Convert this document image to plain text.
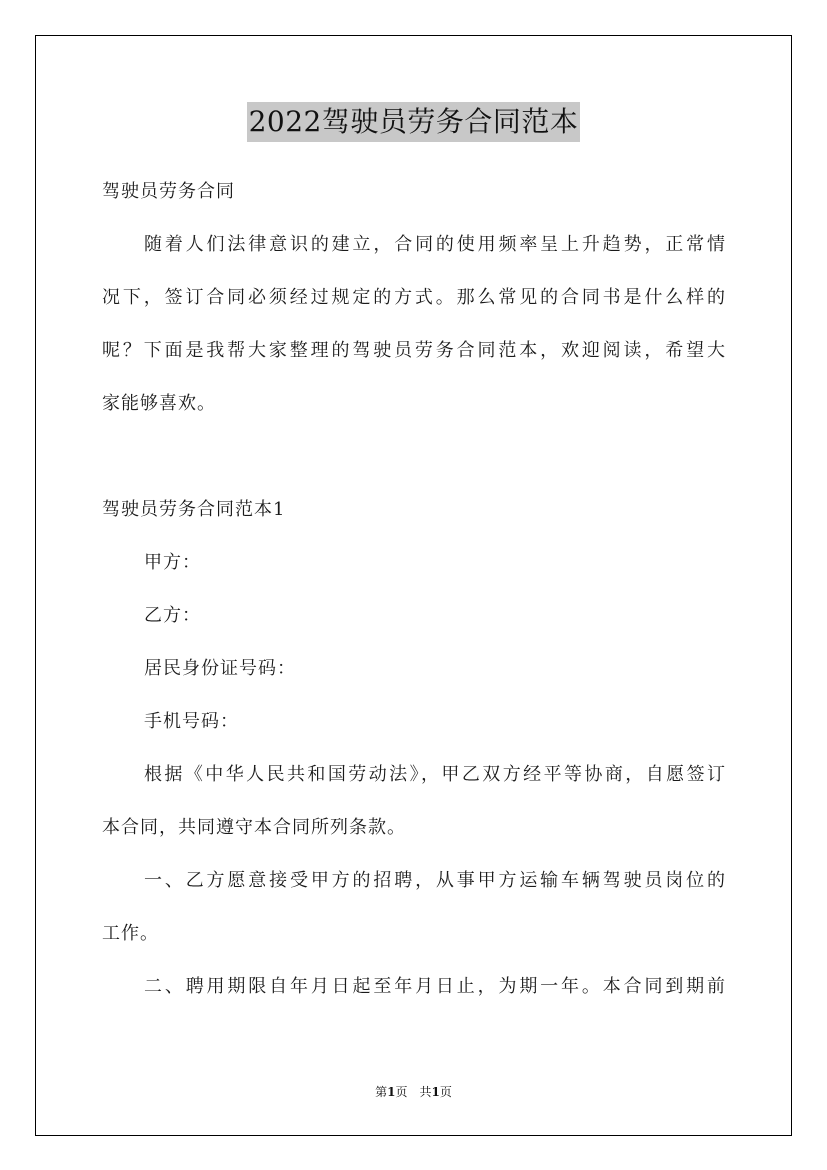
2022驾驶员劳务合同范本
驾驶员劳务合同
随着人们法律意识的建立，合同的使用频率呈上升趋势，正常情
况下，签订合同必须经过规定的方式。那么常见的合同书是什么样的
呢？下面是我帮大家整理的驾驶员劳务合同范本，欢迎阅读，希望大
家能够喜欢。
驾驶员劳务合同范本1
甲方：
乙方：
居民身份证号码：
手机号码：
根据《中华人民共和国劳动法》，甲乙双方经平等协商，自愿签订
本合同，共同遵守本合同所列条款。
一、乙方愿意接受甲方的招聘，从事甲方运输车辆驾驶员岗位的
工作。
二、聘用期限自年月日起至年月日止，为期一年。本合同到期前
第1页　共1页
